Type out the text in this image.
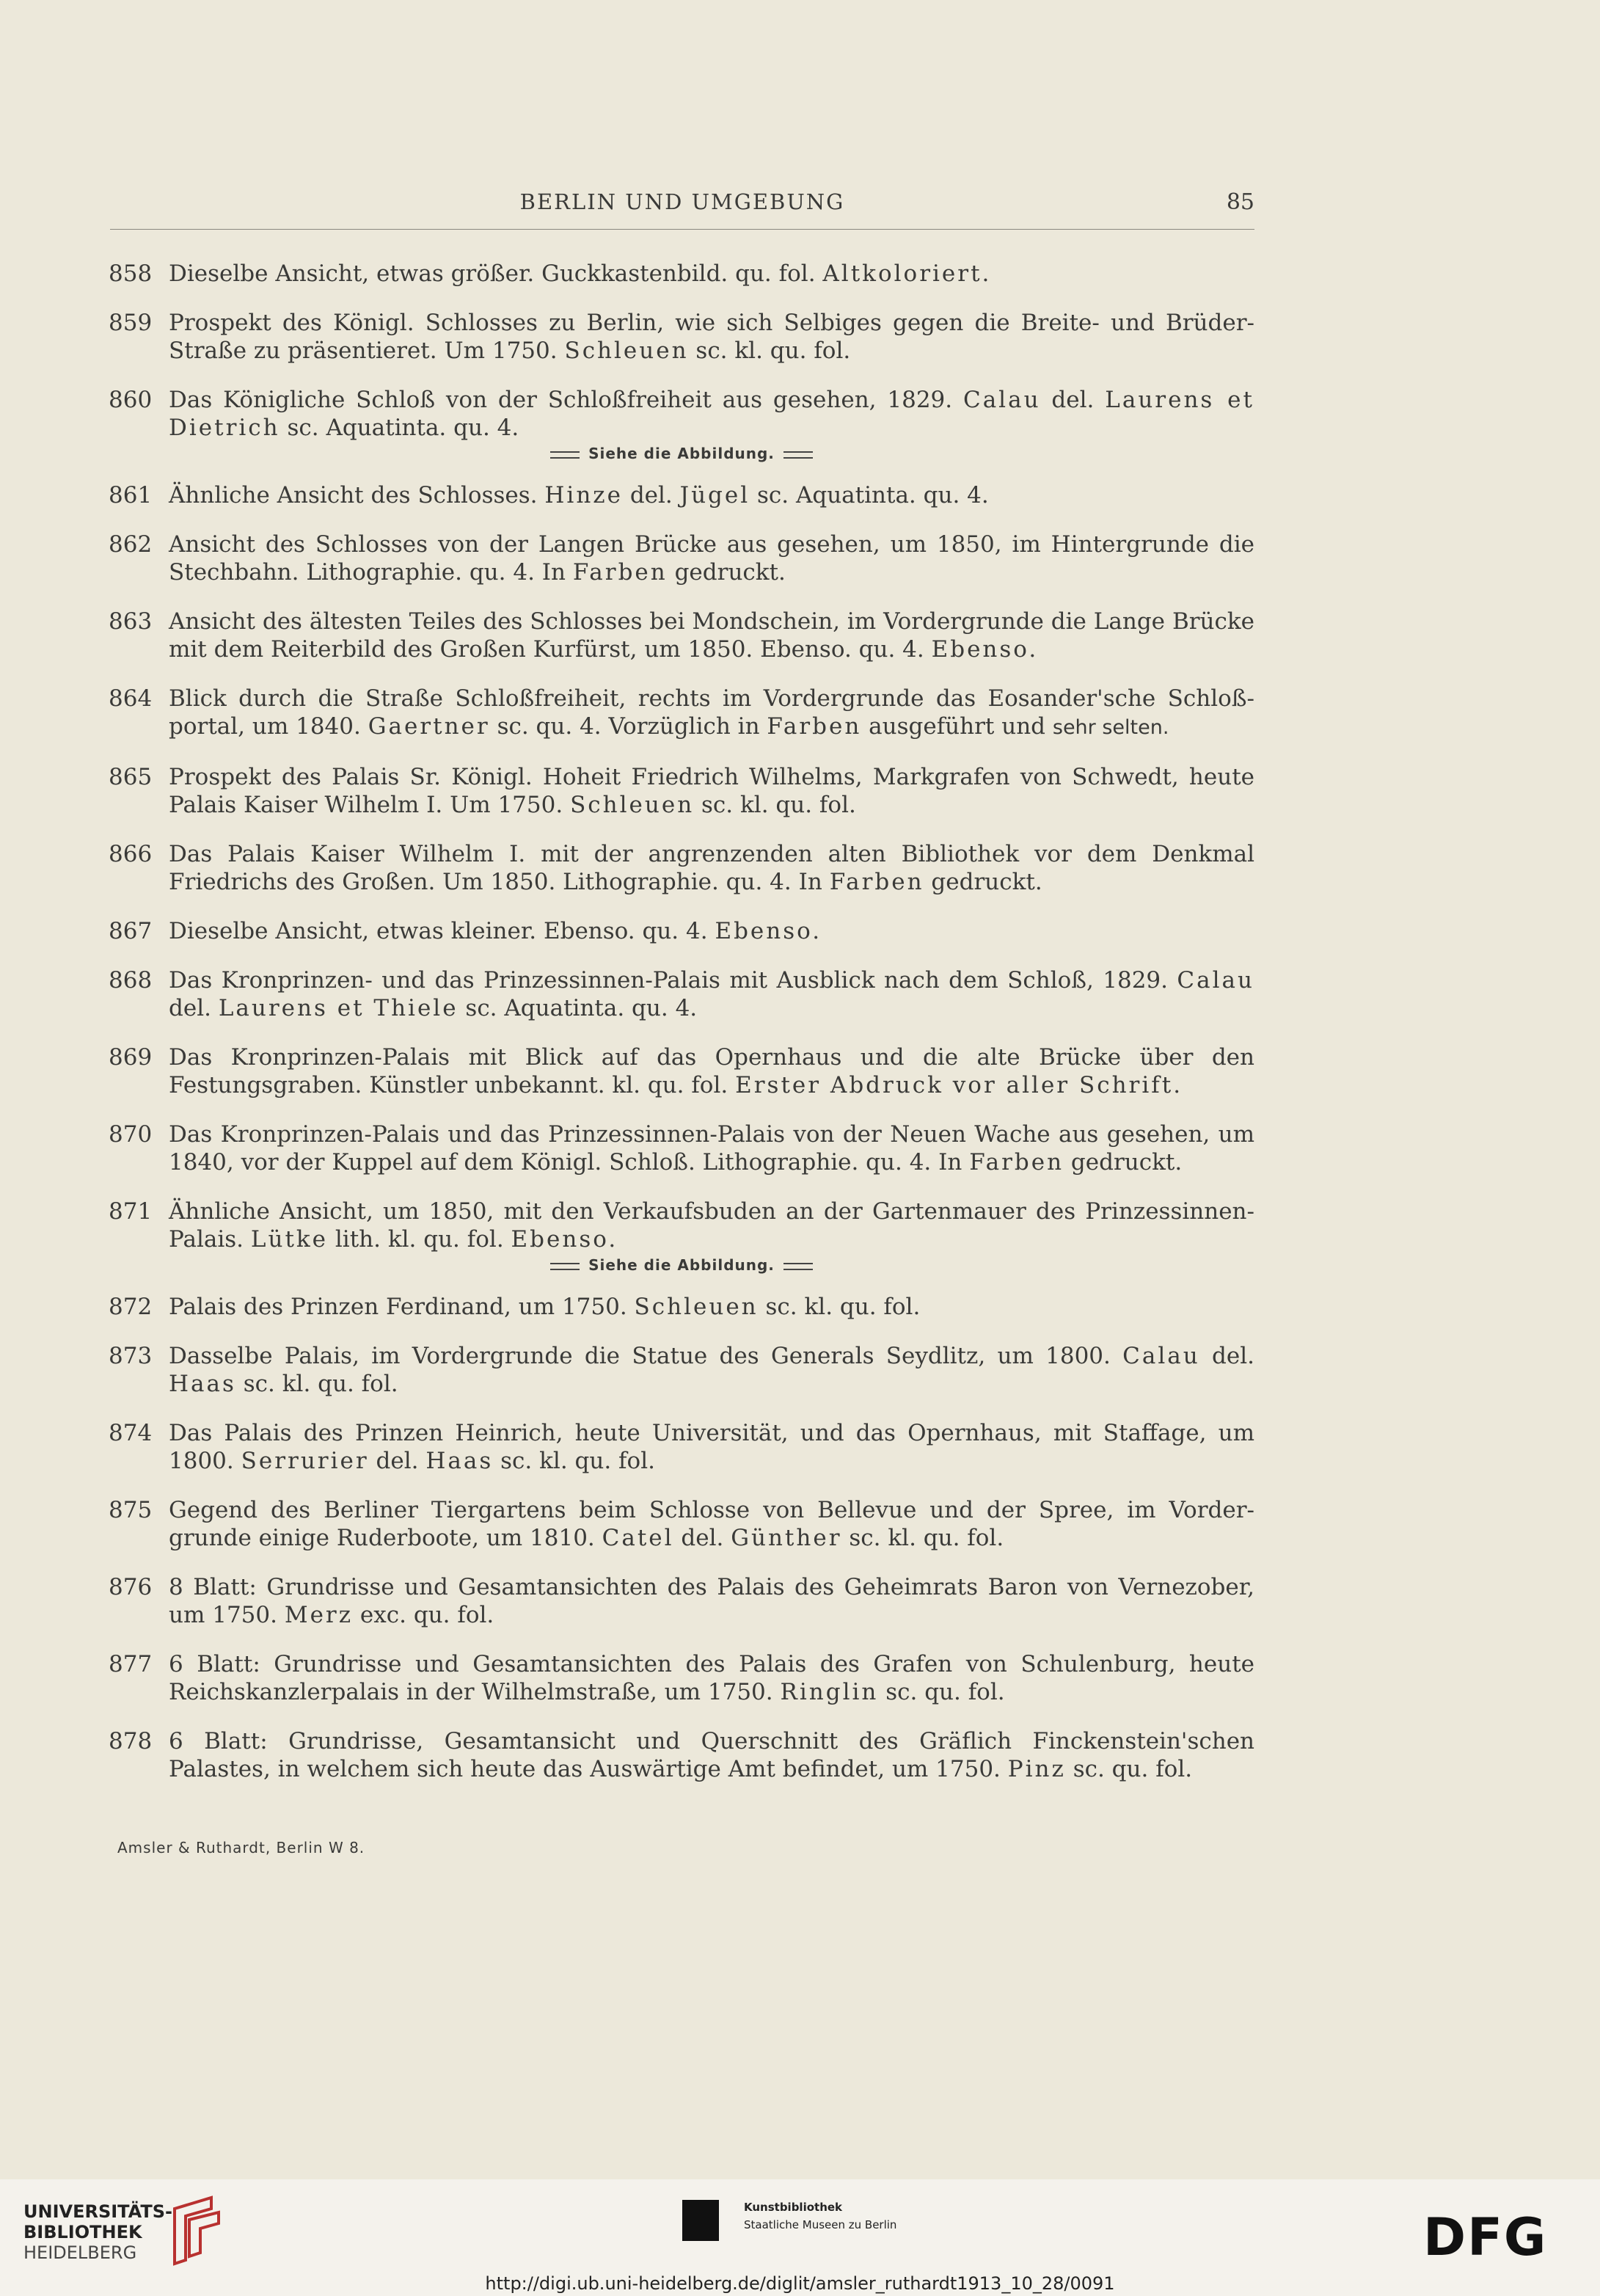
BERLIN UND UMGEBUNG	85
858 Dieselbe Ansicht, etwas größer. Guckkastenbild. qu. fol. Altkoloriert.
859 Prospekt des Königl. Schlosses zu Berlin, wie sich Selbiges gegen die Breite- und Brüder-Straße zu präsentieret. Um 1750. Schleuen sc. kl. qu. fol.
860 Das Königliche Schloß von der Schloßfreiheit aus gesehen, 1829. Calau del. Laurens et Dietrich sc. Aquatinta. qu. 4.
Siehe die Abbildung.
861 Ähnliche Ansicht des Schlosses. Hinze del. Jügel sc. Aquatinta. qu. 4.
862 Ansicht des Schlosses von der Langen Brücke aus gesehen, um 1850, im Hintergrunde die Stechbahn. Lithographie. qu. 4. In Farben gedruckt.
863 Ansicht des ältesten Teiles des Schlosses bei Mondschein, im Vordergrunde die Lange Brücke mit dem Reiterbild des Großen Kurfürst, um 1850. Ebenso. qu. 4. Ebenso.
864 Blick durch die Straße Schloßfreiheit, rechts im Vordergrunde das Eosander'sche Schloß-portal, um 1840. Gaertner sc. qu. 4. Vorzüglich in Farben ausgeführt und sehr selten.
865 Prospekt des Palais Sr. Königl. Hoheit Friedrich Wilhelms, Markgrafen von Schwedt, heute Palais Kaiser Wilhelm I. Um 1750. Schleuen sc. kl. qu. fol.
866 Das Palais Kaiser Wilhelm I. mit der angrenzenden alten Bibliothek vor dem Denkmal Friedrichs des Großen. Um 1850. Lithographie. qu. 4. In Farben gedruckt.
867 Dieselbe Ansicht, etwas kleiner. Ebenso. qu. 4. Ebenso.
868 Das Kronprinzen- und das Prinzessinnen-Palais mit Ausblick nach dem Schloß, 1829. Calau del. Laurens et Thiele sc. Aquatinta. qu. 4.
869 Das Kronprinzen-Palais mit Blick auf das Opernhaus und die alte Brücke über den Festungsgraben. Künstler unbekannt. kl. qu. fol. Erster Abdruck vor aller Schrift.
870 Das Kronprinzen-Palais und das Prinzessinnen-Palais von der Neuen Wache aus gesehen, um 1840, vor der Kuppel auf dem Königl. Schloß. Lithographie. qu. 4. In Farben gedruckt.
871 Ähnliche Ansicht, um 1850, mit den Verkaufsbuden an der Gartenmauer des Prinzessinnen-Palais. Lütke lith. kl. qu. fol. Ebenso.
Siehe die Abbildung.
872 Palais des Prinzen Ferdinand, um 1750. Schleuen sc. kl. qu. fol.
873 Dasselbe Palais, im Vordergrunde die Statue des Generals Seydlitz, um 1800. Calau del. Haas sc. kl. qu. fol.
874 Das Palais des Prinzen Heinrich, heute Universität, und das Opernhaus, mit Staffage, um 1800. Serrurier del. Haas sc. kl. qu. fol.
875 Gegend des Berliner Tiergartens beim Schlosse von Bellevue und der Spree, im Vorder-grunde einige Ruderboote, um 1810. Catel del. Günther sc. kl. qu. fol.
876 8 Blatt: Grundrisse und Gesamtansichten des Palais des Geheimrats Baron von Vernezober, um 1750. Merz exc. qu. fol.
877 6 Blatt: Grundrisse und Gesamtansichten des Palais des Grafen von Schulenburg, heute Reichskanzlerpalais in der Wilhelmstraße, um 1750. Ringlin sc. qu. fol.
878 6 Blatt: Grundrisse, Gesamtansicht und Querschnitt des Gräflich Finckenstein'schen Palastes, in welchem sich heute das Auswärtige Amt befindet, um 1750. Pinz sc. qu. fol.
Amsler & Ruthardt, Berlin W 8.
UNIVERSITÄTS-
BIBLIOTHEK
HEIDELBERG
Kunstbibliothek
Staatliche Museen zu Berlin	DFG
http://digi.ub.uni-heidelberg.de/diglit/amsler_ruthardt1913_10_28/0091
